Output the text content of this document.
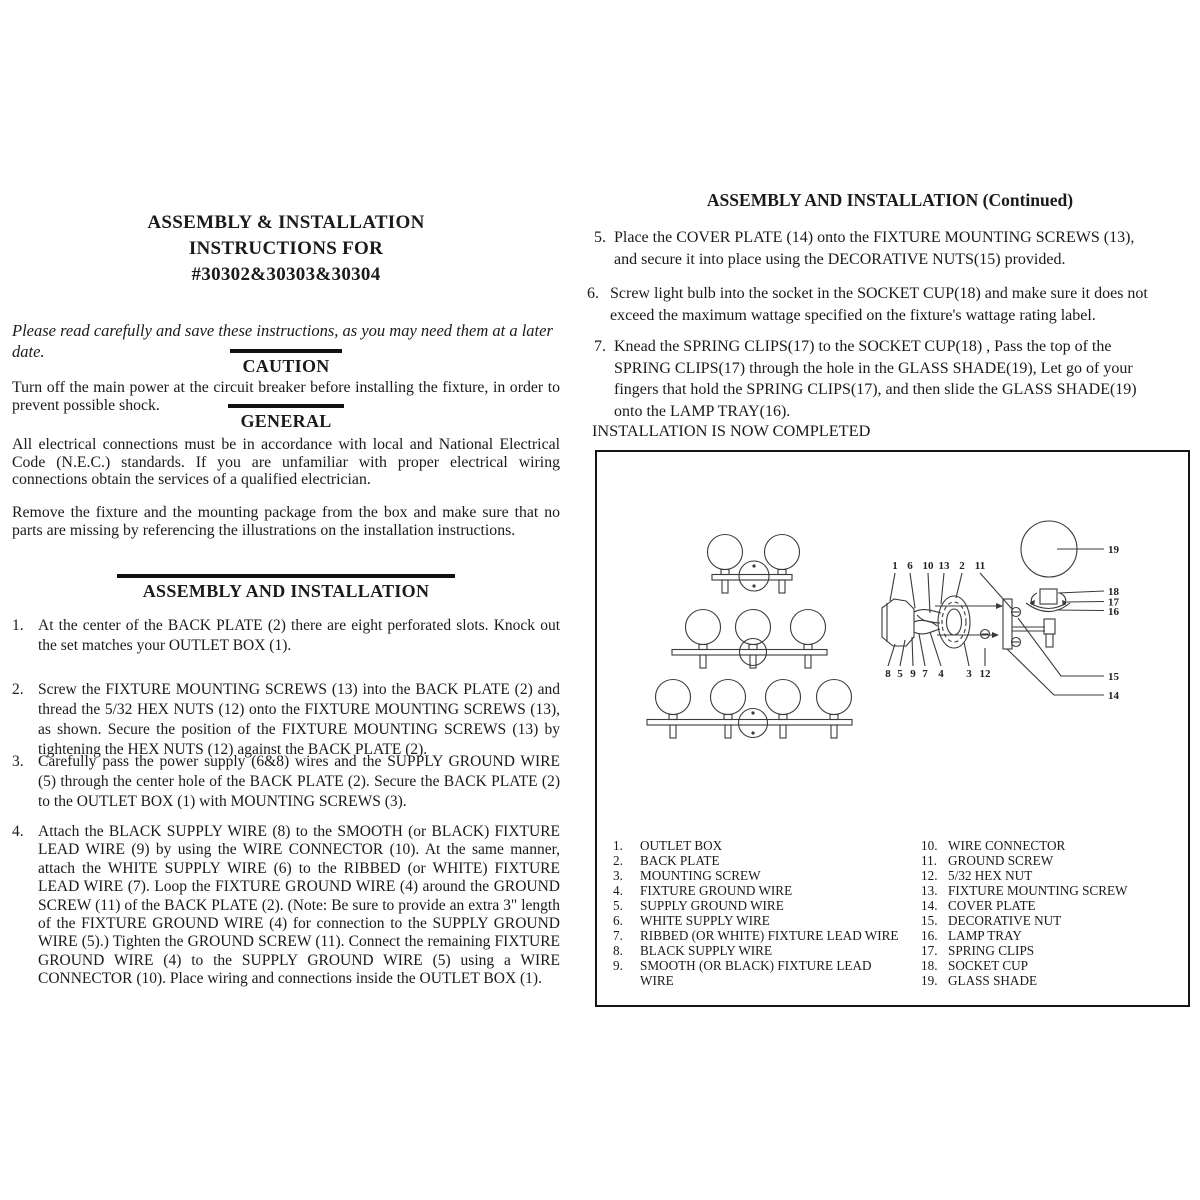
ASSEMBLY & INSTALLATION
INSTRUCTIONS FOR
#30302&30303&30304
Please read carefully and save these instructions, as you may need them at a later date.
CAUTION

Turn off the main power at the circuit breaker before installing the fixture, in order to prevent possible shock.

GENERAL

All electrical connections must be in accordance with local and National Electrical Code (N.E.C.) standards. If you are unfamiliar with proper electrical wiring connections obtain the services of a qualified electrician.

Remove the fixture and the mounting package from the box and make sure that no parts are missing by referencing the illustrations on the installation instructions.

ASSEMBLY AND INSTALLATION
1. At the center of the BACK PLATE (2) there are eight perforated slots. Knock out the set matches your OUTLET BOX (1).

2. Screw the FIXTURE MOUNTING SCREWS (13) into the BACK PLATE (2) and thread the 5/32 HEX NUTS (12) onto the FIXTURE MOUNTING SCREWS (13), as shown. Secure the position of the FIXTURE MOUNTING SCREWS (13) by tightening the HEX NUTS (12) against the BACK PLATE (2).

3. Carefully pass the power supply (6&8) wires and the SUPPLY GROUND WIRE (5) through the center hole of the BACK PLATE (2). Secure the BACK PLATE (2) to the OUTLET BOX (1) with MOUNTING SCREWS (3).

4. Attach the BLACK SUPPLY WIRE (8) to the SMOOTH (or BLACK) FIXTURE LEAD WIRE (9) by using the WIRE CONNECTOR (10). At the same manner, attach the WHITE SUPPLY WIRE (6) to the RIBBED (or WHITE) FIXTURE LEAD WIRE (7). Loop the FIXTURE GROUND WIRE (4) around the GROUND SCREW (11) of the BACK PLATE (2). (Note: Be sure to provide an extra 3" length of the FIXTURE GROUND WIRE (4) for connection to the SUPPLY GROUND WIRE (5).) Tighten the GROUND SCREW (11). Connect the remaining FIXTURE GROUND WIRE (4) to the SUPPLY GROUND WIRE (5) using a WIRE CONNECTOR (10). Place wiring and connections inside the OUTLET BOX (1).

ASSEMBLY AND INSTALLATION (Continued)
5. Place the COVER PLATE (14) onto the FIXTURE MOUNTING SCREWS (13), and secure it into place using the DECORATIVE NUTS(15) provided.

6. Screw light bulb into the socket in the SOCKET CUP(18) and make sure it does not exceed the maximum wattage specified on the fixture's wattage rating label.

7. Knead the SPRING CLIPS(17) to the SOCKET CUP(18) , Pass the top of the SPRING CLIPS(17) through the hole in the GLASS SHADE(19), Let go of your fingers that hold the SPRING CLIPS(17), and then slide the GLASS SHADE(19) onto the LAMP TRAY(16).

INSTALLATION IS NOW COMPLETED
1 6 10 13 2 11
8 5 9 7 4 3 12
19
18
17
16
15
14
1.	OUTLET BOX
2.	BACK PLATE
3.	MOUNTING SCREW
4.	FIXTURE GROUND WIRE
5.	SUPPLY GROUND WIRE
6.	WHITE SUPPLY WIRE
7.	RIBBED (OR WHITE) FIXTURE LEAD WIRE
8.	BLACK SUPPLY WIRE
9.	SMOOTH (OR BLACK) FIXTURE LEAD WIRE
10. WIRE CONNECTOR
11. GROUND SCREW
12. 5/32 HEX NUT
13. FIXTURE MOUNTING SCREW
14. COVER PLATE
15. DECORATIVE NUT
16. LAMP TRAY
17. SPRING CLIPS
18. SOCKET CUP
19. GLASS SHADE
